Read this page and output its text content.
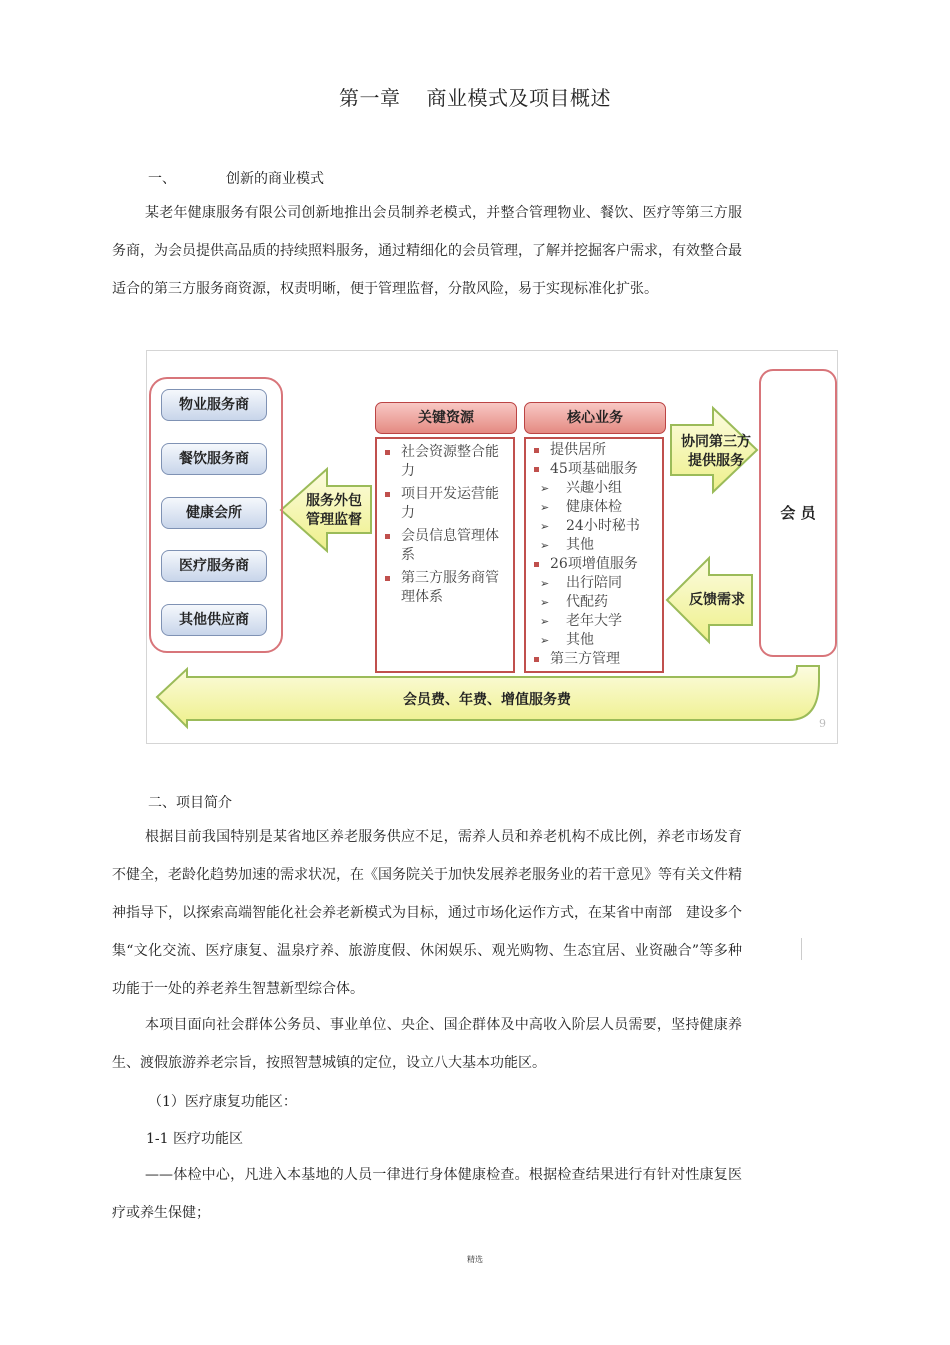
第一章 商业模式及项目概述
一、	创新的商业模式
某老年健康服务有限公司创新地推出会员制养老模式，并整合管理物业、餐饮、医疗等第三方服务商，为会员提供高品质的持续照料服务，通过精细化的会员管理，了解并挖掘客户需求，有效整合最适合的第三方服务商资源，权责明晰，便于管理监督，分散风险，易于实现标准化扩张。
物业服务商
餐饮服务商
健康会所
医疗服务商
其他供应商
服务外包
管理监督
关键资源
社会资源整合能力
项目开发运营能力
会员信息管理体系
第三方服务商管理体系
核心业务
提供居所
45项基础服务
➢ 兴趣小组
➢ 健康体检
➢ 24小时秘书
➢ 其他
26项增值服务
➢ 出行陪同
➢ 代配药
➢ 老年大学
➢ 其他
第三方管理
协同第三方
提供服务
反馈需求
会 员
会员费、年费、增值服务费
9
二、项目简介
根据目前我国特别是某省地区养老服务供应不足，需养人员和养老机构不成比例，养老市场发育不健全，老龄化趋势加速的需求状况，在《国务院关于加快发展养老服务业的若干意见》等有关文件精神指导下，以探索高端智能化社会养老新模式为目标，通过市场化运作方式，在某省中南部　建设多个集“文化交流、医疗康复、温泉疗养、旅游度假、休闲娱乐、观光购物、生态宜居、业资融合”等多种功能于一处的养老养生智慧新型综合体。
本项目面向社会群体公务员、事业单位、央企、国企群体及中高收入阶层人员需要，坚持健康养生、渡假旅游养老宗旨，按照智慧城镇的定位，设立八大基本功能区。
（1）医疗康复功能区：
1-1 医疗功能区
——体检中心，凡进入本基地的人员一律进行身体健康检查。根据检查结果进行有针对性康复医疗或养生保健；
精选
